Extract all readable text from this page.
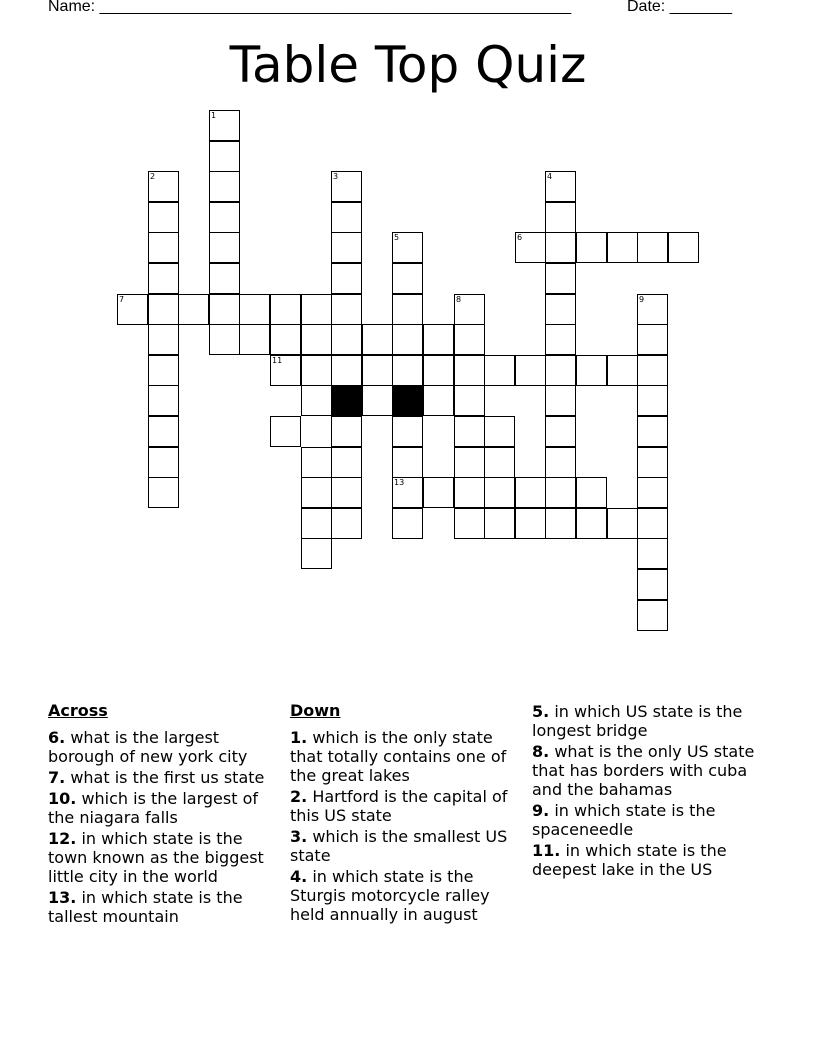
Name: _____________________________________________________	Date: _______
Table Top Quiz
1
2	3	4
5
13
6
7	8	9
11
Across
6. what is the largest borough of new york city
7. what is the first us state
10. which is the largest of the niagara falls
12. in which state is the town known as the biggest little city in the world
13. in which state is the tallest mountain
Down
1. which is the only state that totally contains one of the great lakes
2. Hartford is the capital of this US state
3. which is the smallest US state
4. in which state is the Sturgis motorcycle ralley held annually in august
5. in which US state is the longest bridge
8. what is the only US state that has borders with cuba and the bahamas
9. in which state is the spaceneedle
11. in which state is the deepest lake in the US
